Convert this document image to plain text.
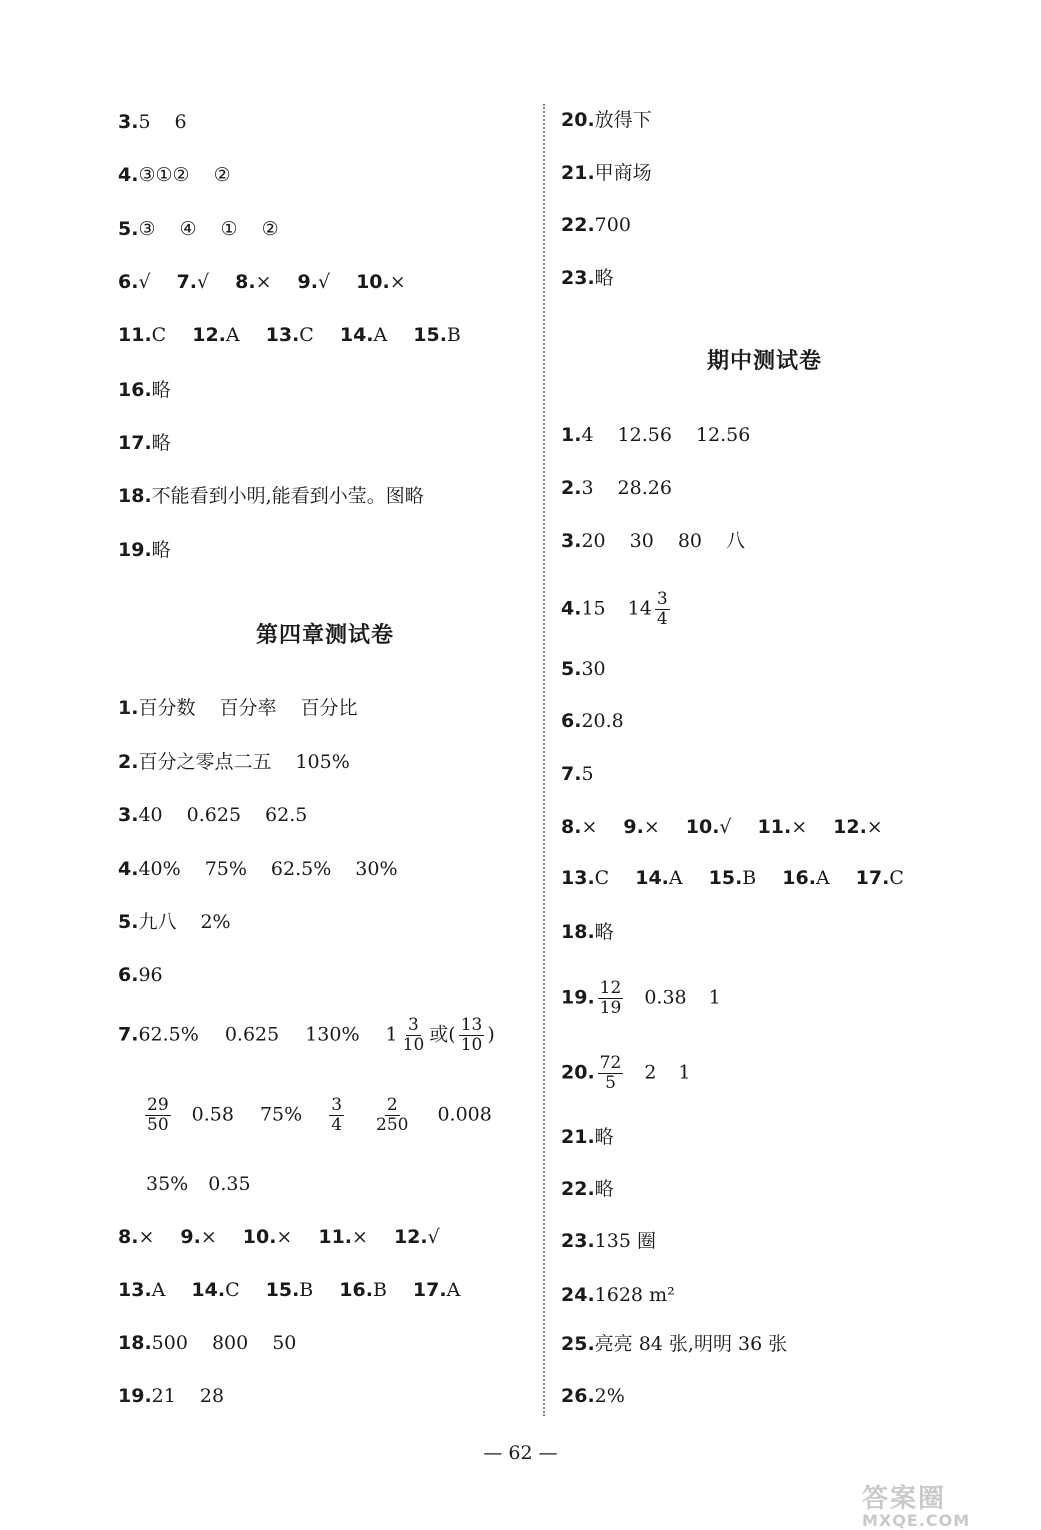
3.5 6
4.③①② ②
5.③ ④ ① ②
6.√ 7.√ 8.× 9.√ 10.×
11.C 12.A 13.C 14.A 15.B
16.略
17.略
18.不能看到小明,能看到小莹。图略
19.略
第四章测试卷
1.百分数 百分率 百分比
2.百分之零点二五 105%
3.40 0.625 62.5
4.40% 75% 62.5% 30%
5.九八 2%
6.96
7.62.5% 0.625 130% $1 \frac{3}{10}$ 或( $\frac{13}{10}$ )
$\frac{29}{50} 0.58$ $75\% \frac{3}{4} \frac{2}{250} 0.008$
35% 0.35
8.× 9.× 10.× 11.× 12.√
13.A 14.C 15.B 16.B 17.A
18.500 800 50
19.21 28
20.放得下
21.甲商场
22.700
23.略
期中测试卷
1.4 12.56 12.56
2.3 28.26
3.20 30 80 八
4.15 $14 \frac{3}{4}$
5.30
6.20.8
7.5
8.× 9.× 10.√ 11.× 12.×
13.C 14.A 15.B 16.A 17.C
18.略
19. $\frac{12}{19} 0.38$ 1
20. $\frac{72}{5} 2$ 1
21.略
22.略
23.135 圈
24.1628 m²
25.亮亮 84 张,明明 36 张
26.2%
— 62 —
答案圈
MXQE.COM
